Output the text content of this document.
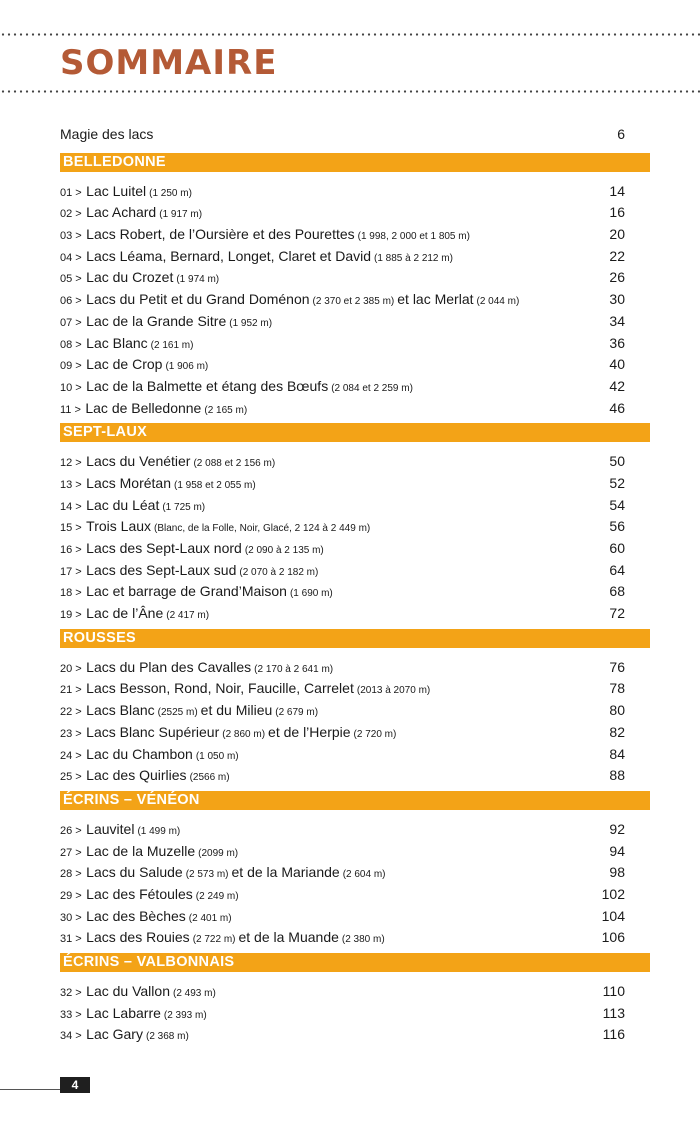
SOMMAIRE
Magie des lacs	6
BELLEDONNE
01 > Lac Luitel (1 250 m)	14
02 > Lac Achard (1 917 m)	16
03 > Lacs Robert, de l’Oursière et des Pourettes (1 998, 2 000 et 1 805 m)	20
04 > Lacs Léama, Bernard, Longet, Claret et David (1 885 à 2 212 m)	22
05 > Lac du Crozet (1 974 m)	26
06 > Lacs du Petit et du Grand Doménon (2 370 et 2 385 m) et lac Merlat (2 044 m)	30
07 > Lac de la Grande Sitre (1 952 m)	34
08 > Lac Blanc (2 161 m)	36
09 > Lac de Crop (1 906 m)	40
10 > Lac de la Balmette et étang des Bœufs (2 084 et 2 259 m)	42
11 > Lac de Belledonne (2 165 m)	46
SEPT-LAUX
12 > Lacs du Venétier (2 088 et 2 156 m)	50
13 > Lacs Morétan (1 958 et 2 055 m)	52
14 > Lac du Léat (1 725 m)	54
15 > Trois Laux (Blanc, de la Folle, Noir, Glacé, 2 124 à 2 449 m)	56
16 > Lacs des Sept-Laux nord (2 090 à 2 135 m)	60
17 > Lacs des Sept-Laux sud (2 070 à 2 182 m)	64
18 > Lac et barrage de Grand’Maison (1 690 m)	68
19 > Lac de l’Âne (2 417 m)	72
ROUSSES
20 > Lacs du Plan des Cavalles (2 170 à 2 641 m)	76
21 > Lacs Besson, Rond, Noir, Faucille, Carrelet (2013 à 2070 m)	78
22 > Lacs Blanc (2525 m) et du Milieu (2 679 m)	80
23 > Lacs Blanc Supérieur (2 860 m) et de l’Herpie (2 720 m)	82
24 > Lac du Chambon (1 050 m)	84
25 > Lac des Quirlies (2566 m)	88
ÉCRINS – VÉNÉON
26 > Lauvitel (1 499 m)	92
27 > Lac de la Muzelle (2099 m)	94
28 > Lacs du Salude (2 573 m) et de la Mariande (2 604 m)	98
29 > Lac des Fétoules (2 249 m)	102
30 > Lac des Bèches (2 401 m)	104
31 > Lacs des Rouies (2 722 m) et de la Muande (2 380 m)	106
ÉCRINS – VALBONNAIS
32 > Lac du Vallon (2 493 m)	110
33 > Lac Labarre (2 393 m)	113
34 > Lac Gary (2 368 m)	116
4
